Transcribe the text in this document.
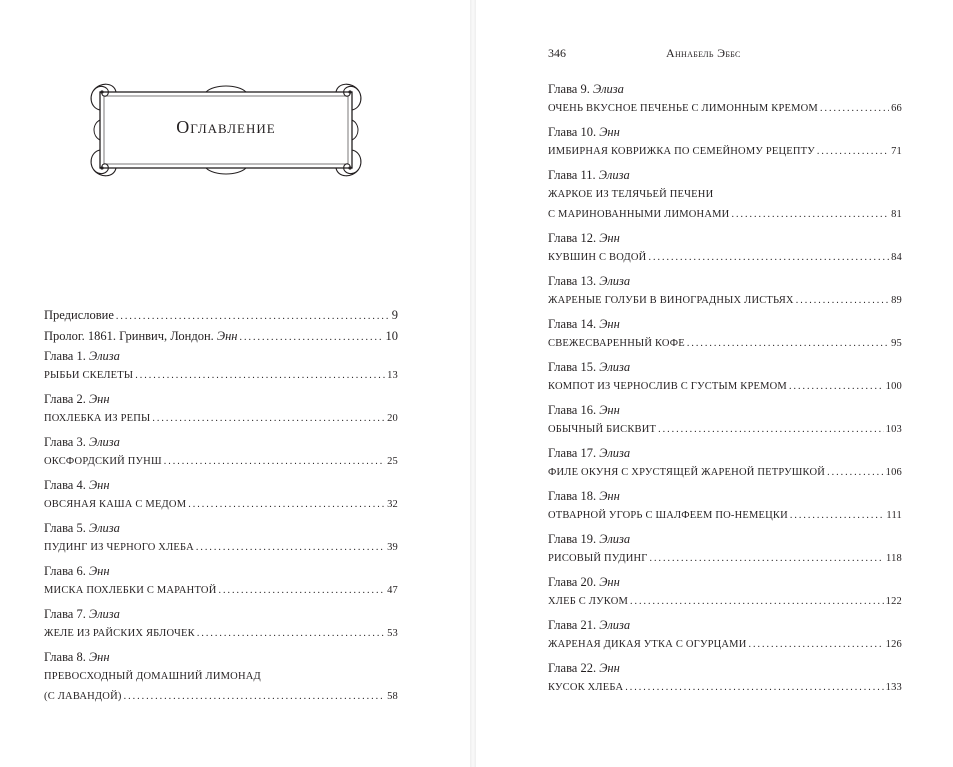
Оглавление
Предисловие .....	9
Пролог. 1861. Гринвич, Лондон. Энн .....	10
Глава 1. Элиза
РЫБЬИ СКЕЛЕТЫ .....	13
Глава 2. Энн
ПОХЛЕБКА ИЗ РЕПЫ .....	20
Глава 3. Элиза
ОКСФОРДСКИЙ ПУНШ .....	25
Глава 4. Энн
ОВСЯНАЯ КАША С МЕДОМ .....	32
Глава 5. Элиза
ПУДИНГ ИЗ ЧЕРНОГО ХЛЕБА .....	39
Глава 6. Энн
МИСКА ПОХЛЕБКИ С МАРАНТОЙ .....	47
Глава 7. Элиза
ЖЕЛЕ ИЗ РАЙСКИХ ЯБЛОЧЕК .....	53
Глава 8. Энн
ПРЕВОСХОДНЫЙ ДОМАШНИЙ ЛИМОНАД
(С ЛАВАНДОЙ) .....	58
346	Аннабель Эббс
Глава 9. Элиза
ОЧЕНЬ ВКУСНОЕ ПЕЧЕНЬЕ С ЛИМОННЫМ КРЕМОМ .....	66
Глава 10. Энн
ИМБИРНАЯ КОВРИЖКА ПО СЕМЕЙНОМУ РЕЦЕПТУ .....	71
Глава 11. Элиза
ЖАРКОЕ ИЗ ТЕЛЯЧЬЕЙ ПЕЧЕНИ
С МАРИНОВАННЫМИ ЛИМОНАМИ .....	81
Глава 12. Энн
КУВШИН С ВОДОЙ .....	84
Глава 13. Элиза
ЖАРЕНЫЕ ГОЛУБИ В ВИНОГРАДНЫХ ЛИСТЬЯХ .....	89
Глава 14. Энн
СВЕЖЕСВАРЕННЫЙ КОФЕ .....	95
Глава 15. Элиза
КОМПОТ ИЗ ЧЕРНОСЛИВ С ГУСТЫМ КРЕМОМ .....	100
Глава 16. Энн
ОБЫЧНЫЙ БИСКВИТ .....	103
Глава 17. Элиза
ФИЛЕ ОКУНЯ С ХРУСТЯЩЕЙ ЖАРЕНОЙ ПЕТРУШКОЙ .....	106
Глава 18. Энн
ОТВАРНОЙ УГОРЬ С ШАЛФЕЕМ ПО-НЕМЕЦКИ .....	111
Глава 19. Элиза
РИСОВЫЙ ПУДИНГ .....	118
Глава 20. Энн
ХЛЕБ С ЛУКОМ .....	122
Глава 21. Элиза
ЖАРЕНАЯ ДИКАЯ УТКА С ОГУРЦАМИ .....	126
Глава 22. Энн
КУСОК ХЛЕБА .....	133
